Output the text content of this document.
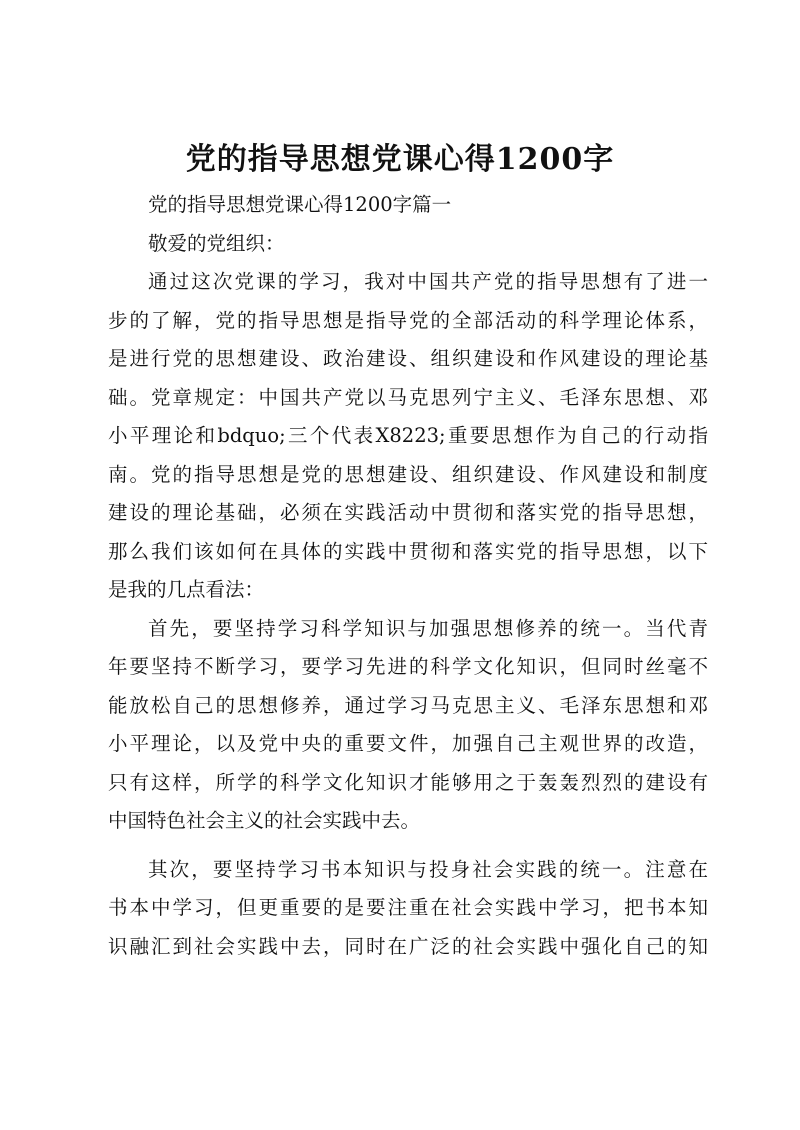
党的指导思想党课心得1200字
党的指导思想党课心得1200字篇一
敬爱的党组织：
通过这次党课的学习，我对中国共产党的指导思想有了进一
步的了解，党的指导思想是指导党的全部活动的科学理论体系，
是进行党的思想建设、政治建设、组织建设和作风建设的理论基
础。党章规定：中国共产党以马克思列宁主义、毛泽东思想、邓
小平理论和bdquo;三个代表X8223;重要思想作为自己的行动指
南。党的指导思想是党的思想建设、组织建设、作风建设和制度
建设的理论基础，必须在实践活动中贯彻和落实党的指导思想，
那么我们该如何在具体的实践中贯彻和落实党的指导思想，以下
是我的几点看法：
首先，要坚持学习科学知识与加强思想修养的统一。当代青
年要坚持不断学习，要学习先进的科学文化知识，但同时丝毫不
能放松自己的思想修养，通过学习马克思主义、毛泽东思想和邓
小平理论，以及党中央的重要文件，加强自己主观世界的改造，
只有这样，所学的科学文化知识才能够用之于轰轰烈烈的建设有
中国特色社会主义的社会实践中去。
其次，要坚持学习书本知识与投身社会实践的统一。注意在
书本中学习，但更重要的是要注重在社会实践中学习，把书本知
识融汇到社会实践中去，同时在广泛的社会实践中强化自己的知
